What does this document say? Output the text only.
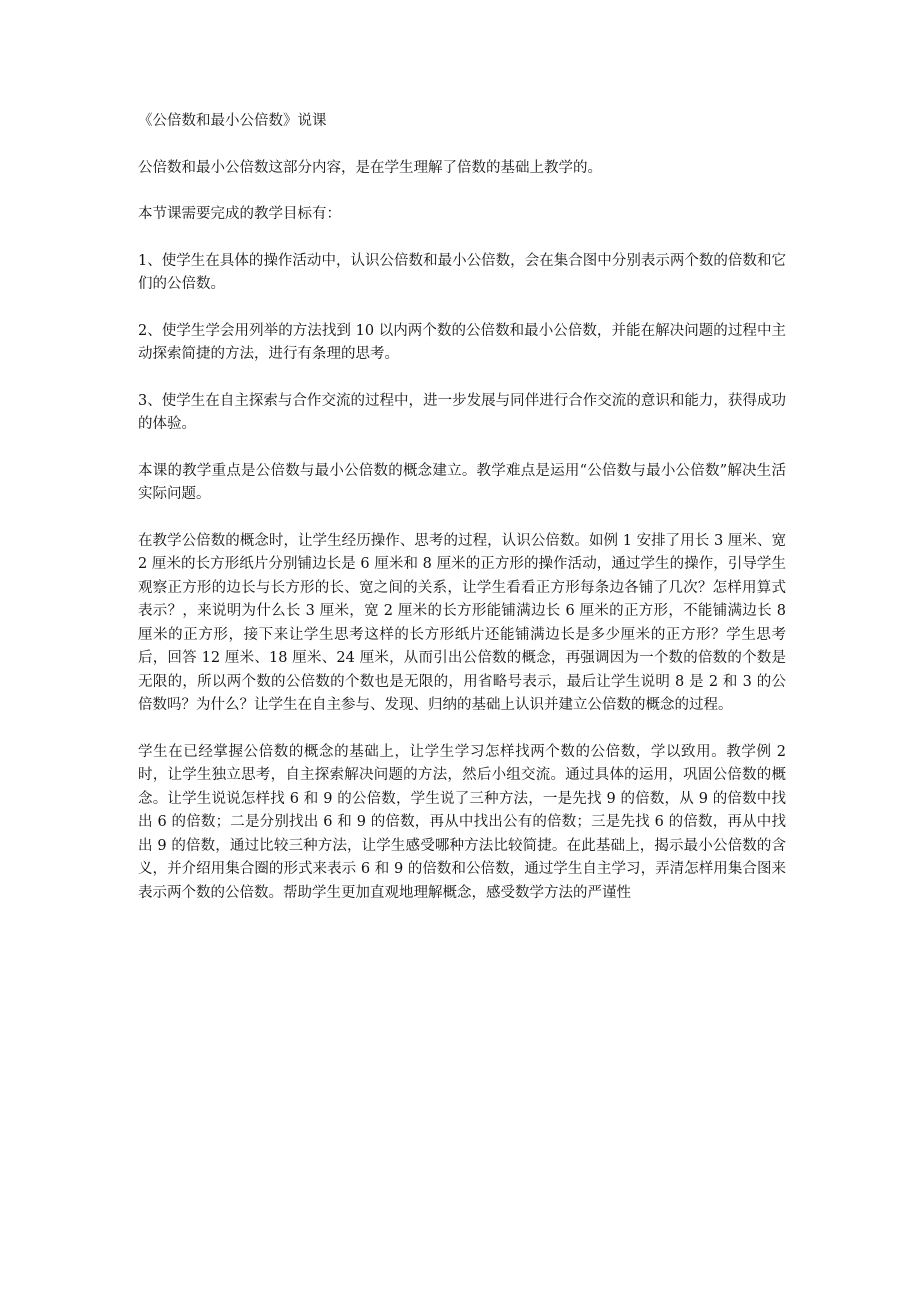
《公倍数和最小公倍数》说课

公倍数和最小公倍数这部分内容，是在学生理解了倍数的基础上教学的。

本节课需要完成的教学目标有：

1、使学生在具体的操作活动中，认识公倍数和最小公倍数，会在集合图中分别表示两个数的倍数和它们的公倍数。

2、使学生学会用列举的方法找到 10 以内两个数的公倍数和最小公倍数，并能在解决问题的过程中主动探索简捷的方法，进行有条理的思考。

3、使学生在自主探索与合作交流的过程中，进一步发展与同伴进行合作交流的意识和能力，获得成功的体验。

本课的教学重点是公倍数与最小公倍数的概念建立。教学难点是运用“公倍数与最小公倍数”解决生活实际问题。

在教学公倍数的概念时，让学生经历操作、思考的过程，认识公倍数。如例 1 安排了用长 3 厘米、宽 2 厘米的长方形纸片分别铺边长是 6 厘米和 8 厘米的正方形的操作活动，通过学生的操作，引导学生观察正方形的边长与长方形的长、宽之间的关系，让学生看看正方形每条边各铺了几次？怎样用算式表示？，来说明为什么长 3 厘米，宽 2 厘米的长方形能铺满边长 6 厘米的正方形，不能铺满边长 8 厘米的正方形，接下来让学生思考这样的长方形纸片还能铺满边长是多少厘米的正方形？学生思考后，回答 12 厘米、18 厘米、24 厘米，从而引出公倍数的概念，再强调因为一个数的倍数的个数是无限的，所以两个数的公倍数的个数也是无限的，用省略号表示，最后让学生说明 8 是 2 和 3 的公倍数吗？为什么？让学生在自主参与、发现、归纳的基础上认识并建立公倍数的概念的过程。

学生在已经掌握公倍数的概念的基础上，让学生学习怎样找两个数的公倍数，学以致用。教学例 2 时，让学生独立思考，自主探索解决问题的方法，然后小组交流。通过具体的运用，巩固公倍数的概念。让学生说说怎样找 6 和 9 的公倍数，学生说了三种方法，一是先找 9 的倍数，从 9 的倍数中找出 6 的倍数；二是分别找出 6 和 9 的倍数，再从中找出公有的倍数；三是先找 6 的倍数，再从中找出 9 的倍数，通过比较三种方法，让学生感受哪种方法比较简捷。在此基础上，揭示最小公倍数的含义，并介绍用集合圈的形式来表示 6 和 9 的倍数和公倍数，通过学生自主学习，弄清怎样用集合图来表示两个数的公倍数。帮助学生更加直观地理解概念，感受数学方法的严谨性
